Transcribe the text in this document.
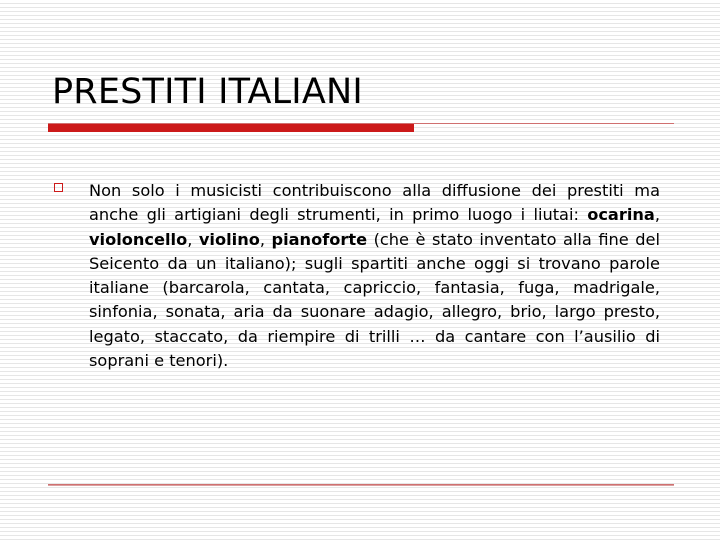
PRESTITI ITALIANI
Non solo i musicisti contribuiscono alla diffusione dei prestiti ma anche gli artigiani degli strumenti, in primo luogo i liutai: ocarina, violoncello, violino, pianoforte (che è stato inventato alla fine del Seicento da un italiano); sugli spartiti anche oggi si trovano parole italiane (barcarola, cantata, capriccio, fantasia, fuga, madrigale, sinfonia, sonata, aria da suonare adagio, allegro, brio, largo presto, legato, staccato, da riempire di trilli … da cantare con l’ausilio di soprani e tenori).
